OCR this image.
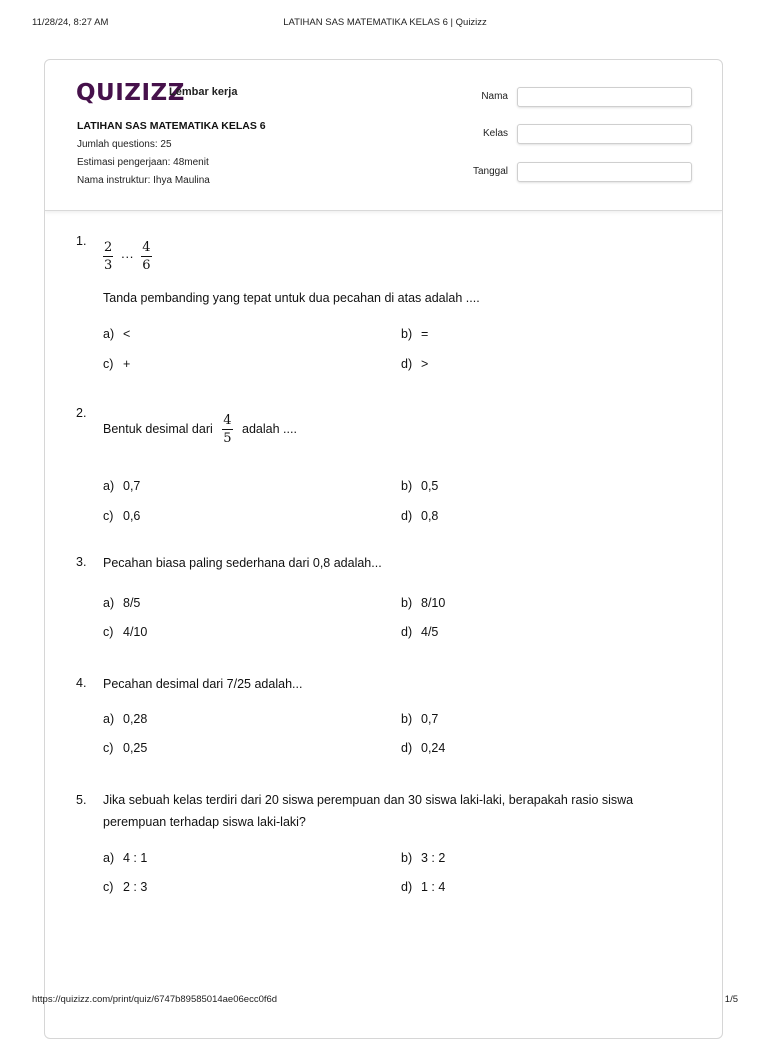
11/28/24, 8:27 AM	LATIHAN SAS MATEMATIKA KELAS 6 | Quizizz
QUIZIZZ
Lembar kerja
LATIHAN SAS MATEMATIKA KELAS 6
Jumlah questions: 25
Estimasi pengerjaan: 48menit
Nama instruktur: Ihya Maulina
Nama
Kelas
Tanggal
1. $\frac{2}{3}$ ··· $\frac{4}{6}$
Tanda pembanding yang tepat untuk dua pecahan di atas adalah ....
a) <	b) =
c) +	d) >
2.
Bentuk desimal dari $\frac{4}{5}$ adalah ....
a) 0,7	b) 0,5
c) 0,6	d) 0,8
3. Pecahan biasa paling sederhana dari 0,8 adalah...
a) 8/5	b) 8/10
c) 4/10	d) 4/5
4. Pecahan desimal dari 7/25 adalah...
a) 0,28	b) 0,7
c) 0,25	d) 0,24
5. Jika sebuah kelas terdiri dari 20 siswa perempuan dan 30 siswa laki-laki, berapakah rasio siswa perempuan terhadap siswa laki-laki?
a) 4 : 1	b) 3 : 2
c) 2 : 3	d) 1 : 4
https://quizizz.com/print/quiz/6747b89585014ae06ecc0f6d	1/5
